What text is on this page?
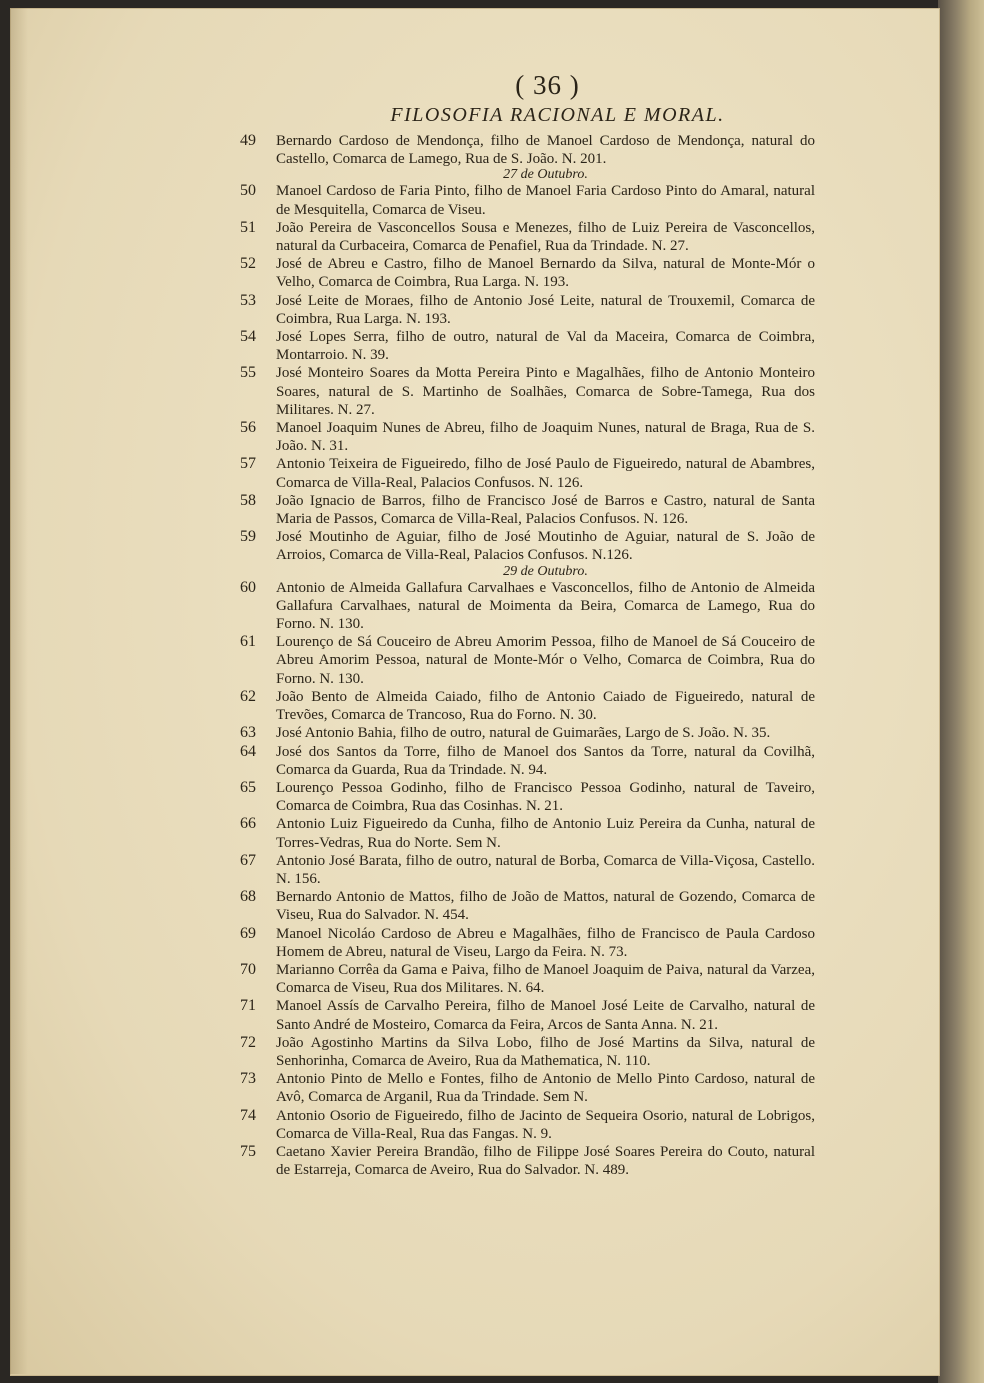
( 36 )
FILOSOFIA RACIONAL E MORAL.
49	Bernardo Cardoso de Mendonça, filho de Manoel Cardoso de Mendonça, natural do Castello, Comarca de Lamego, Rua de S. João. N. 201.
27 de Outubro.
50	Manoel Cardoso de Faria Pinto, filho de Manoel Faria Cardoso Pinto do Amaral, natural de Mesquitella, Comarca de Viseu.
51	João Pereira de Vasconcellos Sousa e Menezes, filho de Luiz Pereira de Vasconcellos, natural da Curbaceira, Comarca de Penafiel, Rua da Trindade. N. 27.
52	José de Abreu e Castro, filho de Manoel Bernardo da Silva, natural de Monte-Mór o Velho, Comarca de Coimbra, Rua Larga. N. 193.
53	José Leite de Moraes, filho de Antonio José Leite, natural de Trouxemil, Comarca de Coimbra, Rua Larga. N. 193.
54	José Lopes Serra, filho de outro, natural de Val da Maceira, Comarca de Coimbra, Montarroio. N. 39.
55	José Monteiro Soares da Motta Pereira Pinto e Magalhães, filho de Antonio Monteiro Soares, natural de S. Martinho de Soalhães, Comarca de Sobre-Tamega, Rua dos Militares. N. 27.
56	Manoel Joaquim Nunes de Abreu, filho de Joaquim Nunes, natural de Braga, Rua de S. João. N. 31.
57	Antonio Teixeira de Figueiredo, filho de José Paulo de Figueiredo, natural de Abambres, Comarca de Villa-Real, Palacios Confusos. N. 126.
58	João Ignacio de Barros, filho de Francisco José de Barros e Castro, natural de Santa Maria de Passos, Comarca de Villa-Real, Palacios Confusos. N. 126.
59	José Moutinho de Aguiar, filho de José Moutinho de Aguiar, natural de S. João de Arroios, Comarca de Villa-Real, Palacios Confusos. N.126.
29 de Outubro.
60	Antonio de Almeida Gallafura Carvalhaes e Vasconcellos, filho de Antonio de Almeida Gallafura Carvalhaes, natural de Moimenta da Beira, Comarca de Lamego, Rua do Forno. N. 130.
61	Lourenço de Sá Couceiro de Abreu Amorim Pessoa, filho de Manoel de Sá Couceiro de Abreu Amorim Pessoa, natural de Monte-Mór o Velho, Comarca de Coimbra, Rua do Forno. N. 130.
62	João Bento de Almeida Caiado, filho de Antonio Caiado de Figueiredo, natural de Trevões, Comarca de Trancoso, Rua do Forno. N. 30.
63	José Antonio Bahia, filho de outro, natural de Guimarães, Largo de S. João. N. 35.
64	José dos Santos da Torre, filho de Manoel dos Santos da Torre, natural da Covilhã, Comarca da Guarda, Rua da Trindade. N. 94.
65	Lourenço Pessoa Godinho, filho de Francisco Pessoa Godinho, natural de Taveiro, Comarca de Coimbra, Rua das Cosinhas. N. 21.
66	Antonio Luiz Figueiredo da Cunha, filho de Antonio Luiz Pereira da Cunha, natural de Torres-Vedras, Rua do Norte. Sem N.
67	Antonio José Barata, filho de outro, natural de Borba, Comarca de Villa-Viçosa, Castello. N. 156.
68	Bernardo Antonio de Mattos, filho de João de Mattos, natural de Gozendo, Comarca de Viseu, Rua do Salvador. N. 454.
69	Manoel Nicoláo Cardoso de Abreu e Magalhães, filho de Francisco de Paula Cardoso Homem de Abreu, natural de Viseu, Largo da Feira. N. 73.
70	Marianno Corrêa da Gama e Paiva, filho de Manoel Joaquim de Paiva, natural da Varzea, Comarca de Viseu, Rua dos Militares. N. 64.
71	Manoel Assís de Carvalho Pereira, filho de Manoel José Leite de Carvalho, natural de Santo André de Mosteiro, Comarca da Feira, Arcos de Santa Anna. N. 21.
72	João Agostinho Martins da Silva Lobo, filho de José Martins da Silva, natural de Senhorinha, Comarca de Aveiro, Rua da Mathematica, N. 110.
73	Antonio Pinto de Mello e Fontes, filho de Antonio de Mello Pinto Cardoso, natural de Avô, Comarca de Arganil, Rua da Trindade. Sem N.
74	Antonio Osorio de Figueiredo, filho de Jacinto de Sequeira Osorio, natural de Lobrigos, Comarca de Villa-Real, Rua das Fangas. N. 9.
75	Caetano Xavier Pereira Brandão, filho de Filippe José Soares Pereira do Couto, natural de Estarreja, Comarca de Aveiro, Rua do Salvador. N. 489.
